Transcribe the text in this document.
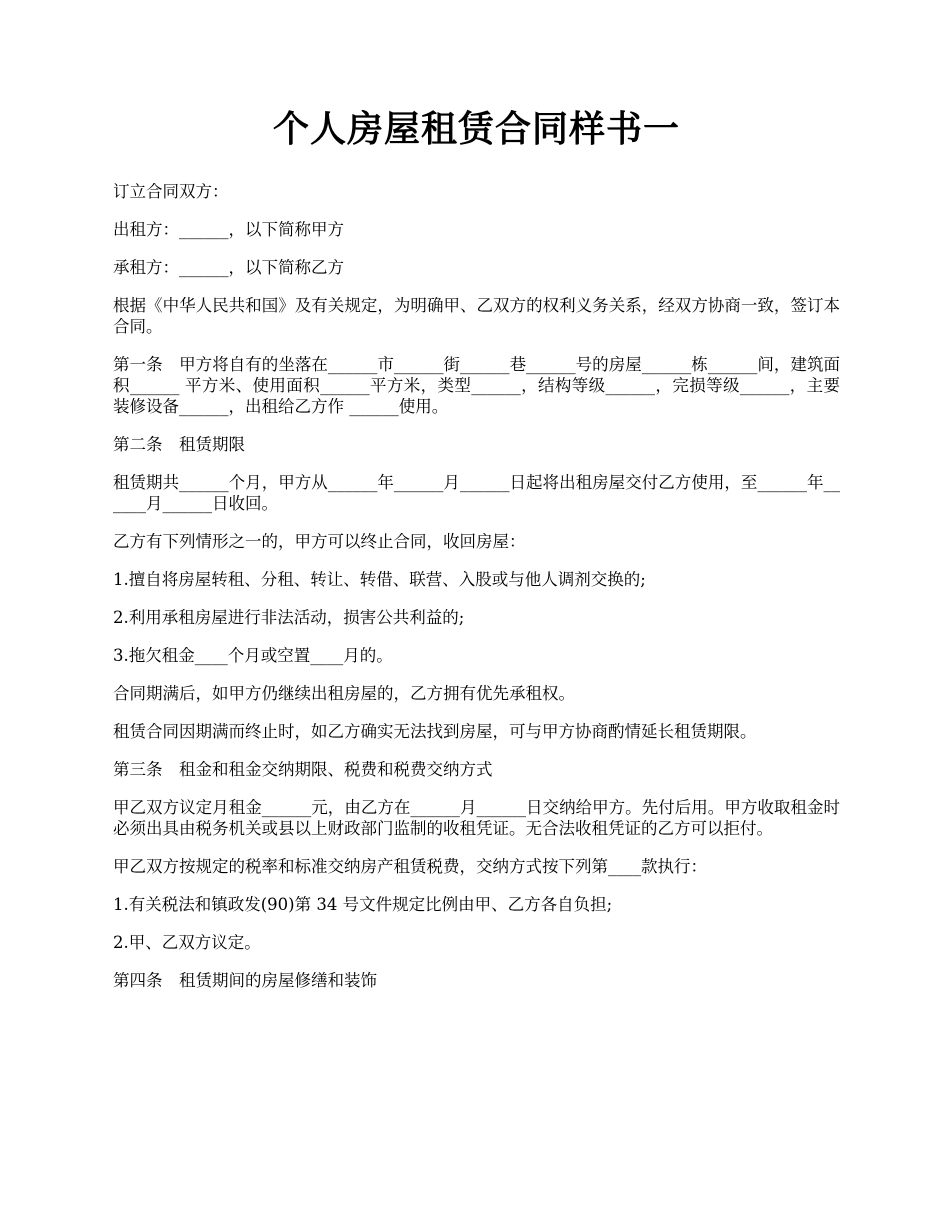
个人房屋租赁合同样书一

订立合同双方：

出租方：______，以下简称甲方

承租方：______，以下简称乙方

根据《中华人民共和国》及有关规定，为明确甲、乙双方的权利义务关系，经双方协商一致，签订本合同。

第一条　甲方将自有的坐落在______市______街______巷______号的房屋______栋______间，建筑面积______ 平方米、使用面积______平方米，类型______，结构等级______，完损等级______，主要装修设备______，出租给乙方作 ______使用。

第二条　租赁期限

租赁期共______个月，甲方从______年______月______日起将出租房屋交付乙方使用，至______年______月______日收回。

乙方有下列情形之一的，甲方可以终止合同，收回房屋：

1.擅自将房屋转租、分租、转让、转借、联营、入股或与他人调剂交换的;

2.利用承租房屋进行非法活动，损害公共利益的;

3.拖欠租金____个月或空置____月的。

合同期满后，如甲方仍继续出租房屋的，乙方拥有优先承租权。

租赁合同因期满而终止时，如乙方确实无法找到房屋，可与甲方协商酌情延长租赁期限。

第三条　租金和租金交纳期限、税费和税费交纳方式

甲乙双方议定月租金______元，由乙方在______月______日交纳给甲方。先付后用。甲方收取租金时必须出具由税务机关或县以上财政部门监制的收租凭证。无合法收租凭证的乙方可以拒付。

甲乙双方按规定的税率和标准交纳房产租赁税费，交纳方式按下列第____款执行：

1.有关税法和镇政发(90)第 34 号文件规定比例由甲、乙方各自负担;

2.甲、乙双方议定。

第四条　租赁期间的房屋修缮和装饰
